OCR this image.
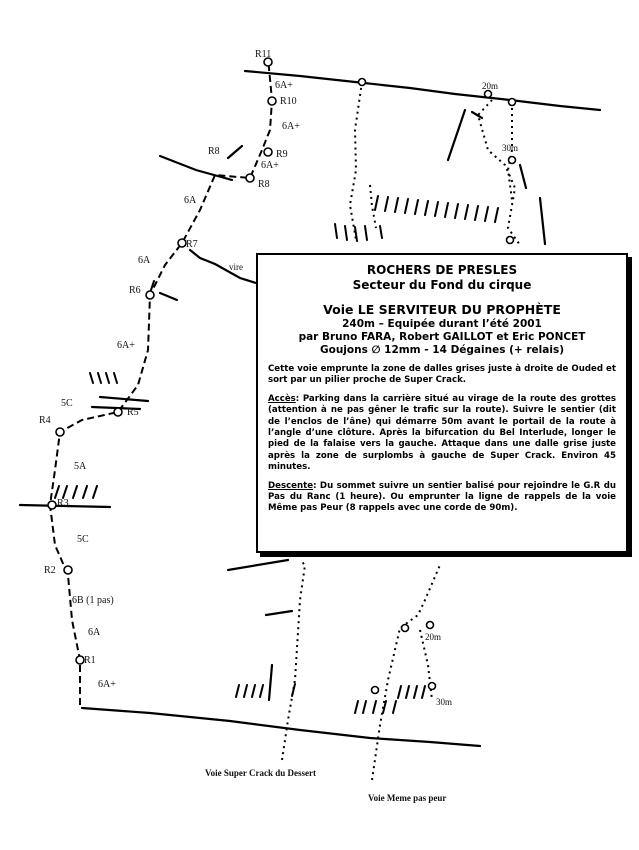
R1
R2
R3
R4
R5
R6
R7
R8
R9
R10
R11
R8
6A+
6A
6B (1 pas)
5C
5A
5C
6A+
6A
6A
6A+
6A+
6A+	20m
30m
20m
30m
vire
Voie Super Crack du Dessert
Voie Meme pas peur
ROCHERS DE PRESLES
Secteur du Fond du cirque
Voie LE SERVITEUR DU PROPHÈTE
240m – Equipée durant l’été 2001
par Bruno FARA, Robert GAILLOT et Eric PONCET
Goujons ∅ 12mm - 14 Dégaines (+ relais)
Cette voie emprunte la zone de dalles grises juste à droite de Ouded et sort par un pilier proche de Super Crack.
Accès: Parking dans la carrière situé au virage de la route des grottes (attention à ne pas gêner le trafic sur la route). Suivre le sentier (dit de l’enclos de l’âne) qui démarre 50m avant le portail de la route à l’angle d’une clôture. Après la bifurcation du Bel Interlude, longer le pied de la falaise vers la gauche. Attaque dans une dalle grise juste après la zone de surplombs à gauche de Super Crack. Environ 45 minutes.
Descente: Du sommet suivre un sentier balisé pour rejoindre le G.R du Pas du Ranc (1 heure). Ou emprunter la ligne de rappels de la voie Même pas Peur (8 rappels avec une corde de 90m).
